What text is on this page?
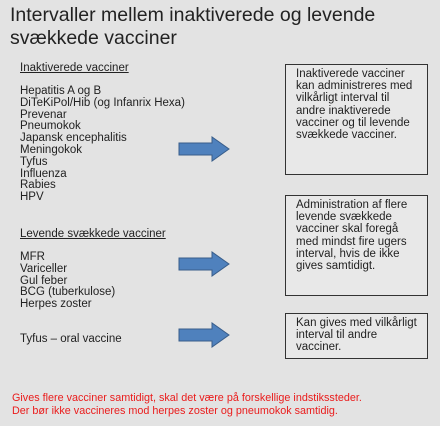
Intervaller mellem inaktiverede og levende svækkede vacciner
Inaktiverede vacciner
Hepatitis A og B
DiTeKiPol/Hib (og Infanrix Hexa)
Prevenar
Pneumokok
Japansk encephalitis
Meningokok
Tyfus
Influenza
Rabies
HPV
Inaktiverede vacciner kan administreres med vilkårligt interval til andre inaktiverede vacciner og til levende svækkede vacciner.
Levende svækkede vacciner
MFR
Variceller
Gul feber
BCG (tuberkulose)
Herpes zoster
Administration af flere levende svækkede vacciner skal foregå med mindst fire ugers interval, hvis de ikke gives samtidigt.
Tyfus – oral vaccine
Kan gives med vilkårligt interval til andre vacciner.
Gives flere vacciner samtidigt, skal det være på forskellige indstikssteder.
Der bør ikke vaccineres mod herpes zoster og pneumokok samtidig.
